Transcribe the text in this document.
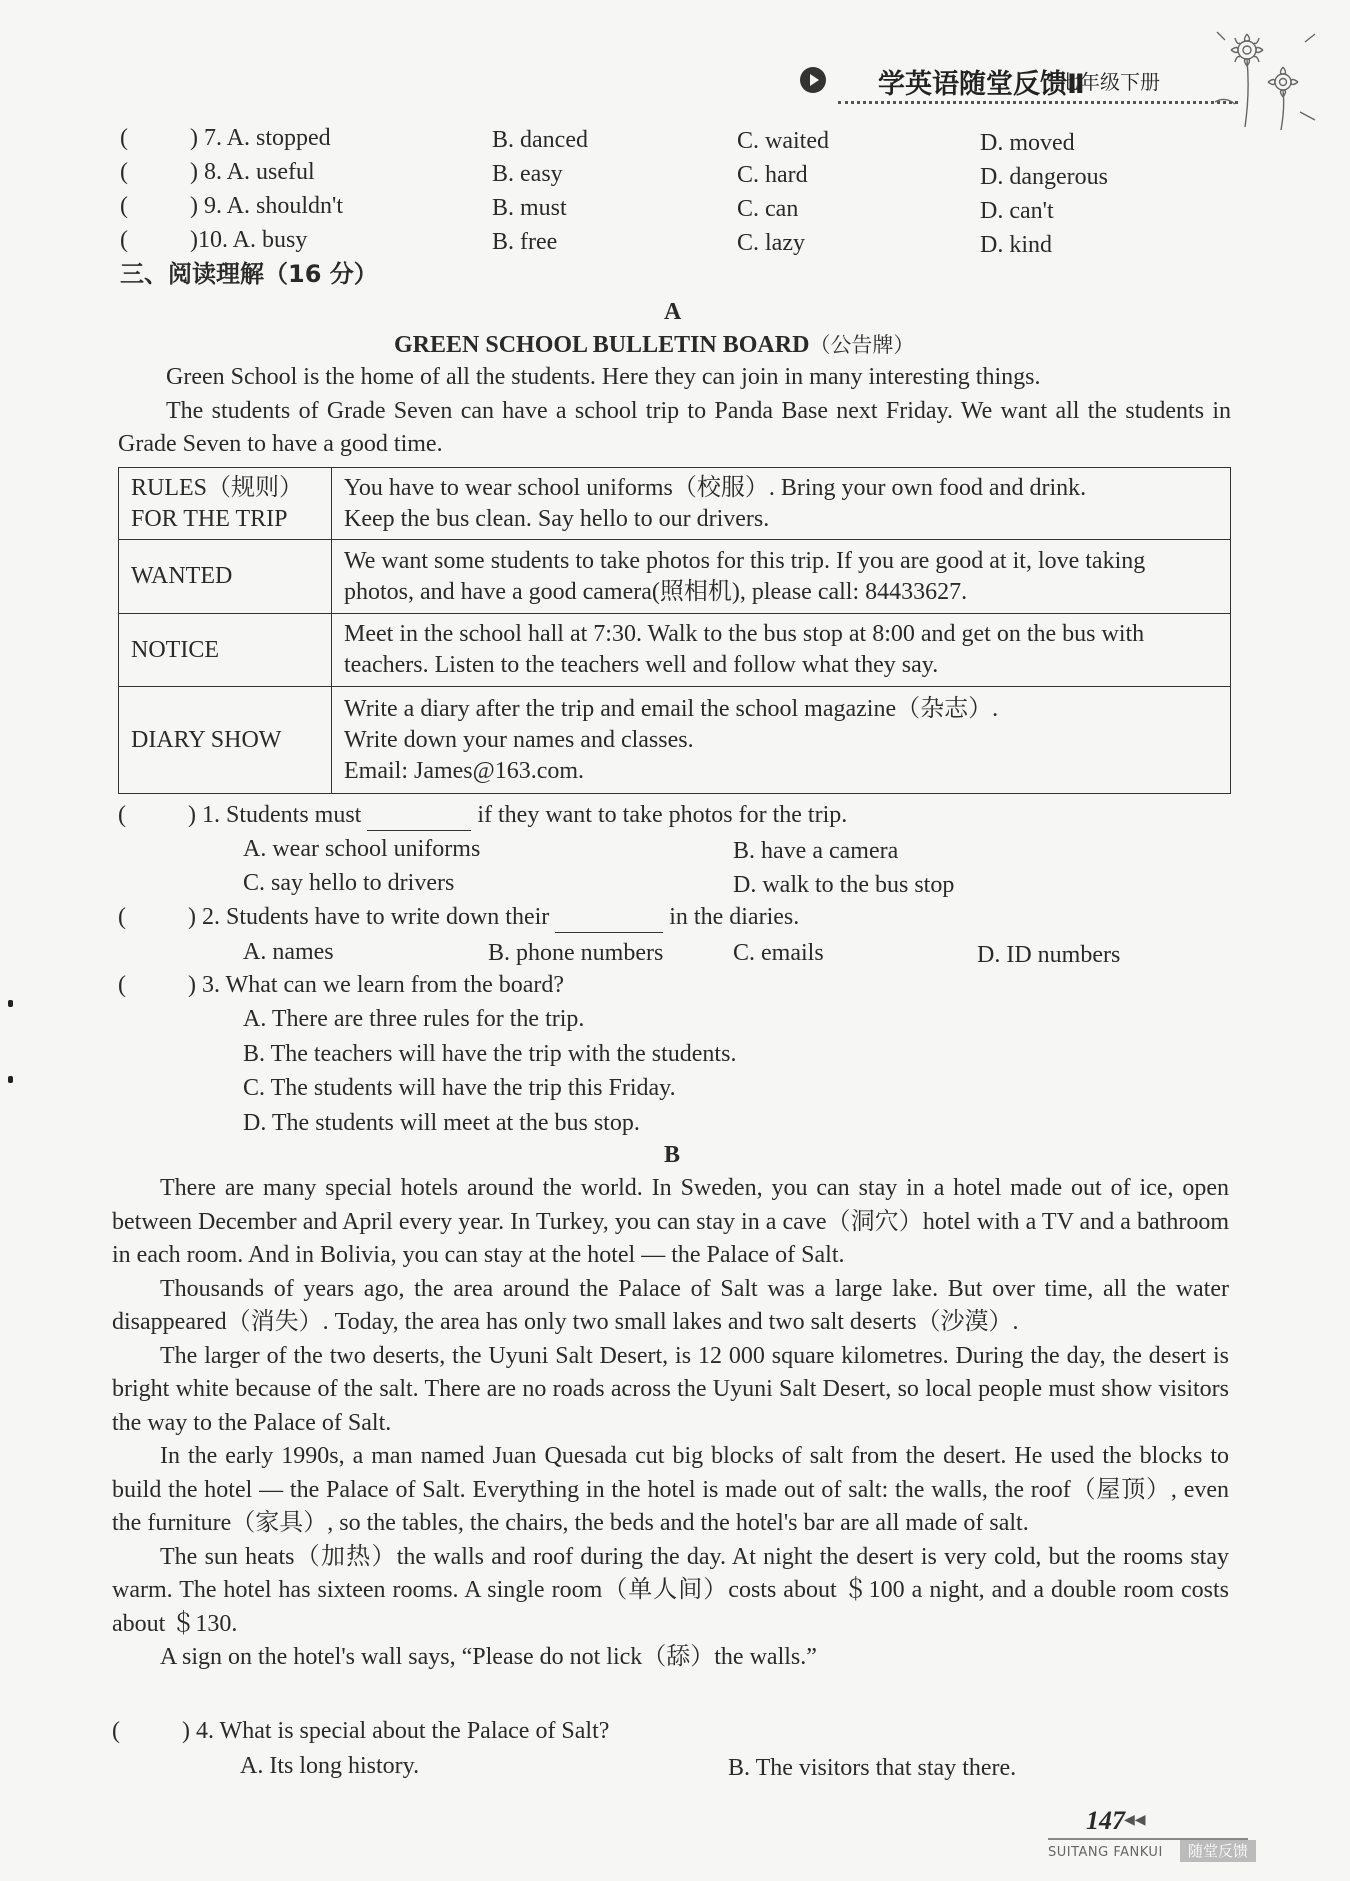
学英语随堂反馈Ⅱ
七年级下册
(	) 7. A. stopped	B. danced	C. waited	D. moved
(	) 8. A. useful	B. easy	C. hard	D. dangerous
(	) 9. A. shouldn't	B. must	C. can	D. can't
(	)10. A. busy	B. free	C. lazy	D. kind
三、阅读理解（16 分）
A
GREEN SCHOOL BULLETIN BOARD（公告牌）

Green School is the home of all the students. Here they can join in many interesting things.

The students of Grade Seven can have a school trip to Panda Base next Friday. We want all the students in Grade Seven to have a good time.

RULES（规则）FOR THE TRIP	You have to wear school uniforms（校服）. Bring your own food and drink.
Keep the bus clean. Say hello to our drivers.

WANTED	We want some students to take photos for this trip. If you are good at it, love taking photos, and have a good camera(照相机), please call: 84433627.
NOTICE	Meet in the school hall at 7:30. Walk to the bus stop at 8:00 and get on the bus with teachers. Listen to the teachers well and follow what they say.
DIARY SHOW	Write a diary after the trip and email the school magazine（杂志）.
Write down your names and classes.
Email: James@163.com.
(	) 1. Students must	if they want to take photos for the trip.
A. wear school uniforms	B. have a camera
C. say hello to drivers	D. walk to the bus stop
(	) 2. Students have to write down their	in the diaries.
A. names	B. phone numbers	C. emails	D. ID numbers
(	) 3. What can we learn from the board?
A. There are three rules for the trip.
B. The teachers will have the trip with the students.
C. The students will have the trip this Friday.
D. The students will meet at the bus stop.
B

There are many special hotels around the world. In Sweden, you can stay in a hotel made out of ice, open between December and April every year. In Turkey, you can stay in a cave（洞穴）hotel with a TV and a bathroom in each room. And in Bolivia, you can stay at the hotel — the Palace of Salt.

Thousands of years ago, the area around the Palace of Salt was a large lake. But over time, all the water disappeared（消失）. Today, the area has only two small lakes and two salt deserts（沙漠）.

The larger of the two deserts, the Uyuni Salt Desert, is 12 000 square kilometres. During the day, the desert is bright white because of the salt. There are no roads across the Uyuni Salt Desert, so local people must show visitors the way to the Palace of Salt.

In the early 1990s, a man named Juan Quesada cut big blocks of salt from the desert. He used the blocks to build the hotel — the Palace of Salt. Everything in the hotel is made out of salt: the walls, the roof（屋顶）, even the furniture（家具）, so the tables, the chairs, the beds and the hotel's bar are all made of salt.

The sun heats（加热）the walls and roof during the day. At night the desert is very cold, but the rooms stay warm. The hotel has sixteen rooms. A single room（单人间）costs about ＄100 a night, and a double room costs about ＄130.

A sign on the hotel's wall says, “Please do not lick（舔）the walls.”

(	) 4. What is special about the Palace of Salt?
A. Its long history.	B. The visitors that stay there.
147 ◀◀
SUITANG FANKUI	随堂反馈
